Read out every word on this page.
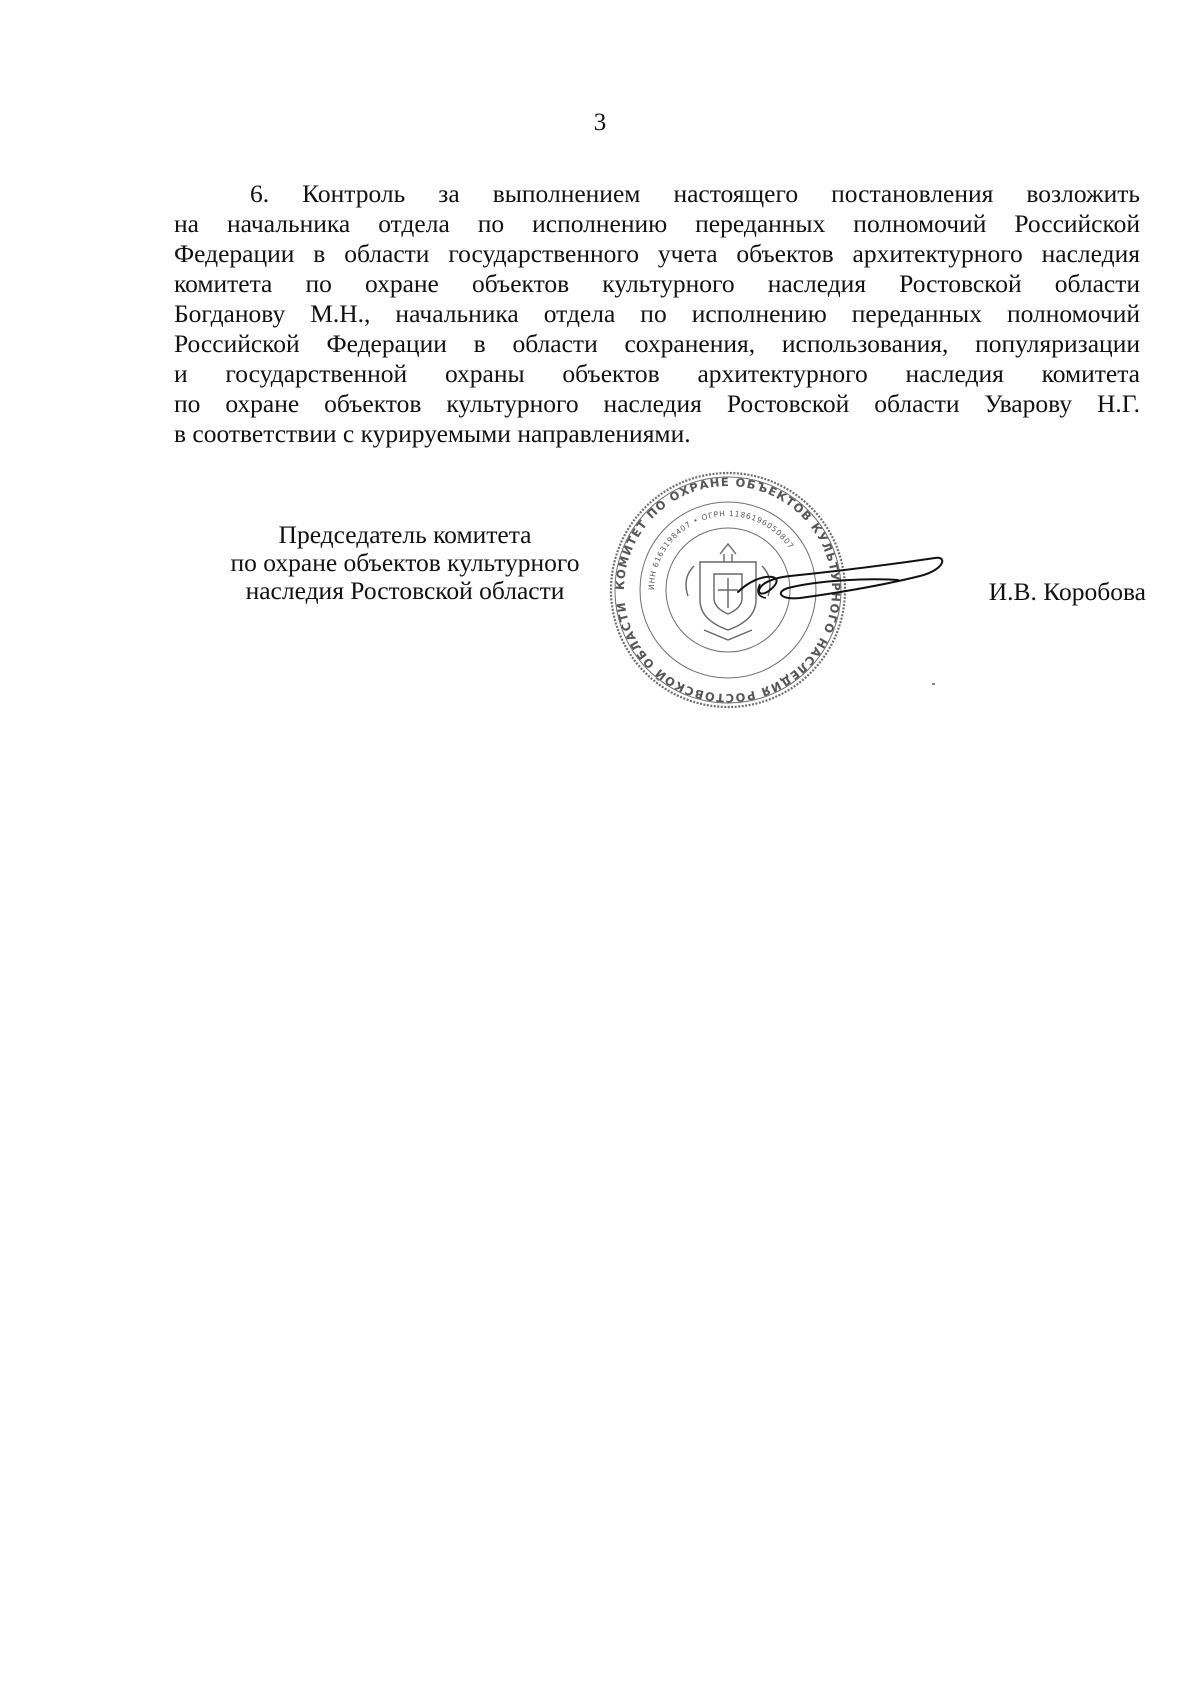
3

6. Контроль за выполнением настоящего постановления возложить
на начальника отдела по исполнению переданных полномочий Российской
Федерации в области государственного учета объектов архитектурного наследия
комитета по охране объектов культурного наследия Ростовской области
Богданову М.Н., начальника отдела по исполнению переданных полномочий
Российской Федерации в области сохранения, использования, популяризации
и государственной охраны объектов архитектурного наследия комитета
по охране объектов культурного наследия Ростовской области Уварову Н.Г.
в соответствии с курируемыми направлениями.

Председатель комитета
по охране объектов культурного
наследия Ростовской области	КОМИТЕТ ПО ОХРАНЕ ОБЪЕКТОВ КУЛЬТУРНОГО НАСЛЕДИЯ РОСТОВСКОЙ ОБЛАСТИ
ИНН 6163198407 • ОГРН 1186196050807
И.В. Коробова
